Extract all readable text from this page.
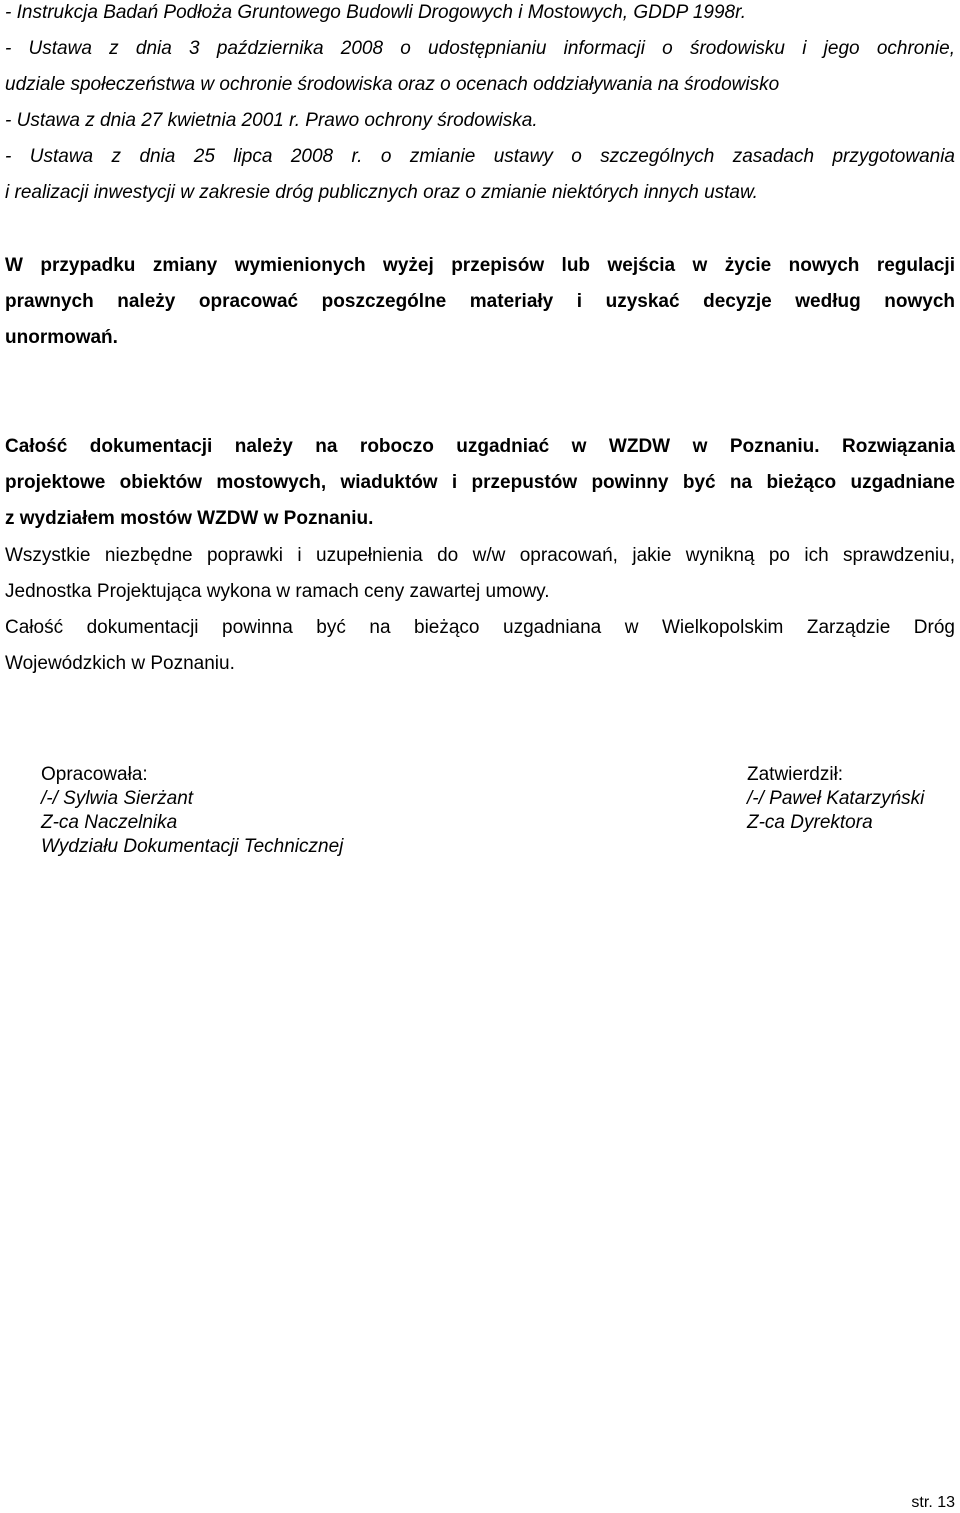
- Instrukcja Badań Podłoża Gruntowego Budowli Drogowych i Mostowych, GDDP 1998r.
- Ustawa z dnia 3 października 2008 o udostępnianiu informacji o środowisku i jego ochronie,
udziale społeczeństwa w ochronie środowiska oraz o ocenach oddziaływania na środowisko
- Ustawa z dnia 27 kwietnia 2001 r. Prawo ochrony środowiska.
- Ustawa z dnia 25 lipca 2008 r. o zmianie ustawy o szczególnych zasadach przygotowania
i realizacji inwestycji w zakresie dróg publicznych oraz o zmianie niektórych innych ustaw.
W przypadku zmiany wymienionych wyżej przepisów lub wejścia w życie nowych regulacji
prawnych należy opracować poszczególne materiały i uzyskać decyzje według nowych
unormowań.
Całość dokumentacji należy na roboczo uzgadniać w WZDW w Poznaniu. Rozwiązania
projektowe obiektów mostowych, wiaduktów i przepustów powinny być na bieżąco uzgadniane
z wydziałem mostów WZDW w Poznaniu.
Wszystkie niezbędne poprawki i uzupełnienia do w/w opracowań, jakie wynikną po ich sprawdzeniu,
Jednostka Projektująca wykona w ramach ceny zawartej umowy.
Całość dokumentacji powinna być na bieżąco uzgadniana w Wielkopolskim Zarządzie Dróg
Wojewódzkich w Poznaniu.
Opracowała:
/-/ Sylwia Sierżant
Z-ca Naczelnika
Wydziału Dokumentacji Technicznej
Zatwierdził:
/-/ Paweł Katarzyński
Z-ca Dyrektora
str. 13
